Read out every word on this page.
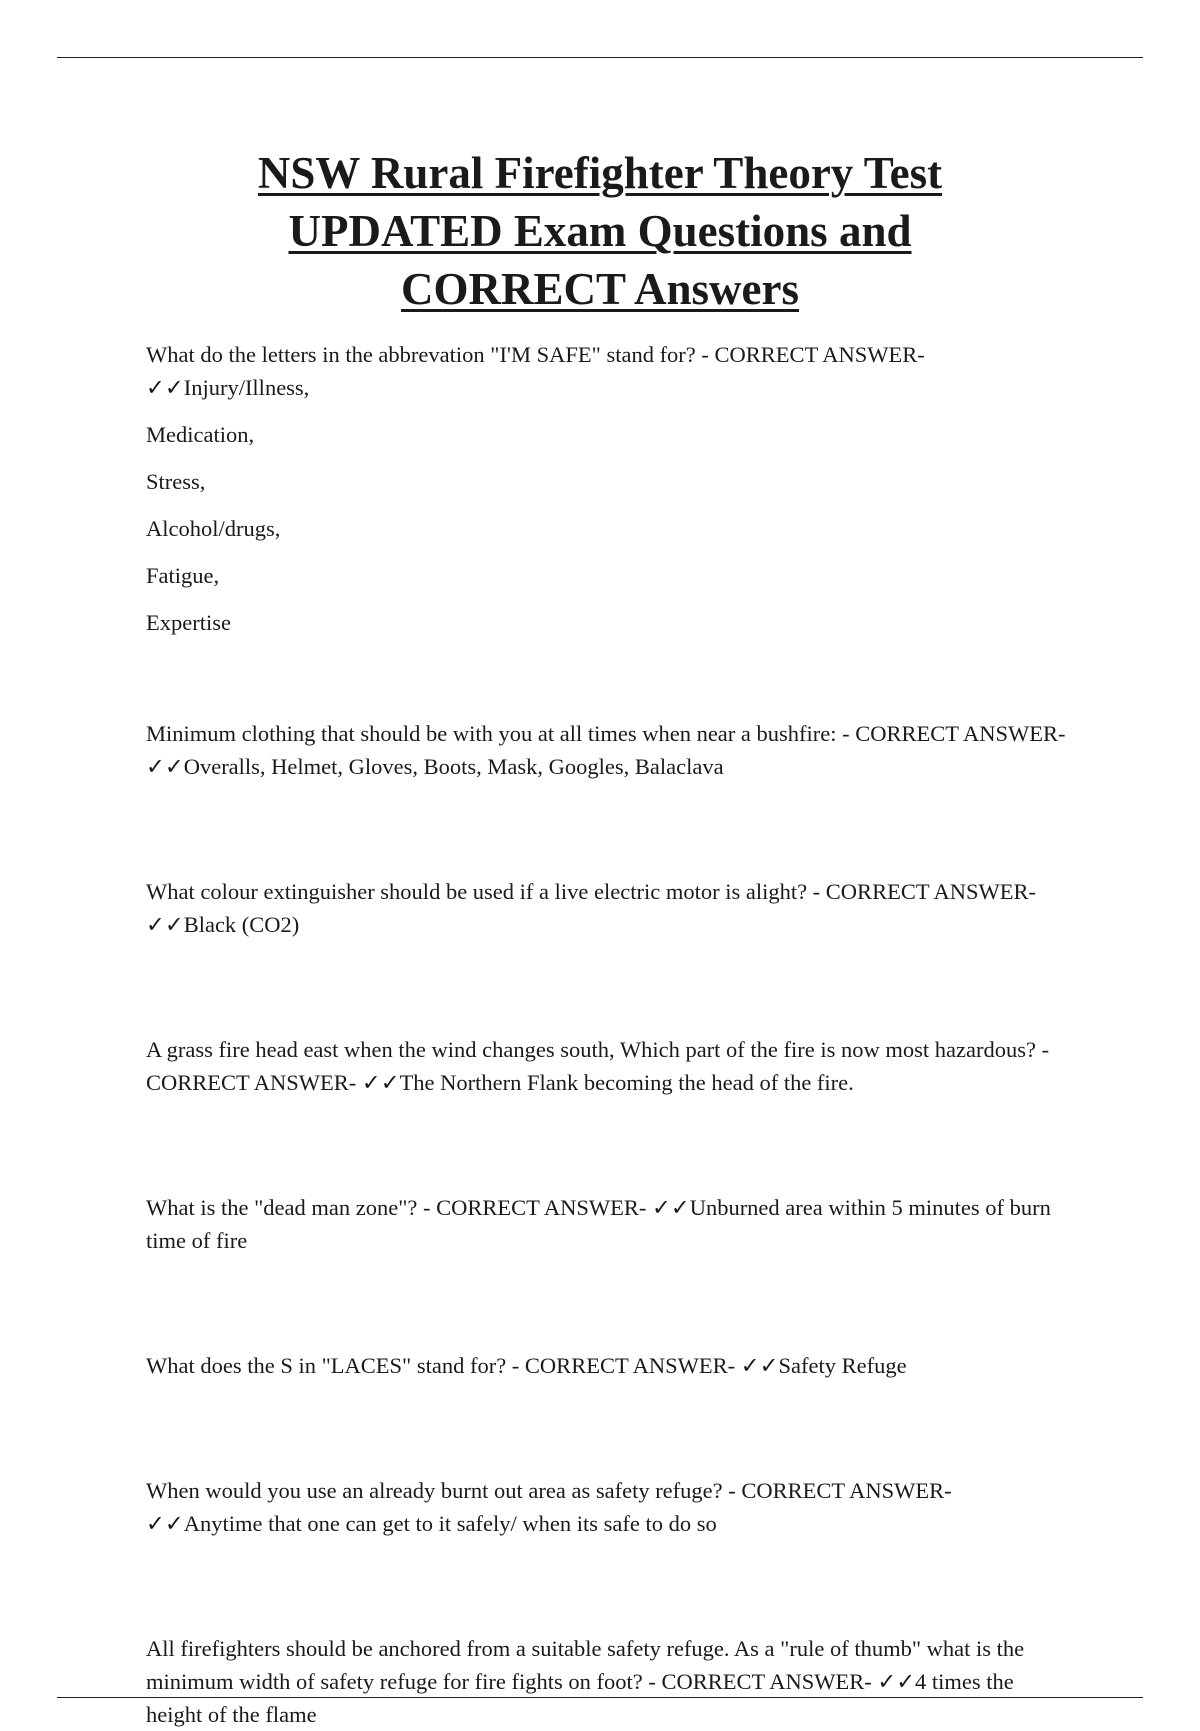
NSW Rural Firefighter Theory Test
UPDATED Exam Questions and
CORRECT Answers

What do the letters in the abbrevation "I'M SAFE" stand for? - CORRECT ANSWER- ✓✓Injury/Illness,

Medication,

Stress,

Alcohol/drugs,

Fatigue,

Expertise

Minimum clothing that should be with you at all times when near a bushfire: - CORRECT ANSWER- ✓✓Overalls, Helmet, Gloves, Boots, Mask, Googles, Balaclava

What colour extinguisher should be used if a live electric motor is alight? - CORRECT ANSWER- ✓✓Black (CO2)

A grass fire head east when the wind changes south, Which part of the fire is now most hazardous? - CORRECT ANSWER- ✓✓The Northern Flank becoming the head of the fire.

What is the "dead man zone"? - CORRECT ANSWER- ✓✓Unburned area within 5 minutes of burn time of fire

What does the S in "LACES" stand for? - CORRECT ANSWER- ✓✓Safety Refuge

When would you use an already burnt out area as safety refuge? - CORRECT ANSWER- ✓✓Anytime that one can get to it safely/ when its safe to do so

All firefighters should be anchored from a suitable safety refuge. As a "rule of thumb" what is the minimum width of safety refuge for fire fights on foot? - CORRECT ANSWER- ✓✓4 times the height of the flame
